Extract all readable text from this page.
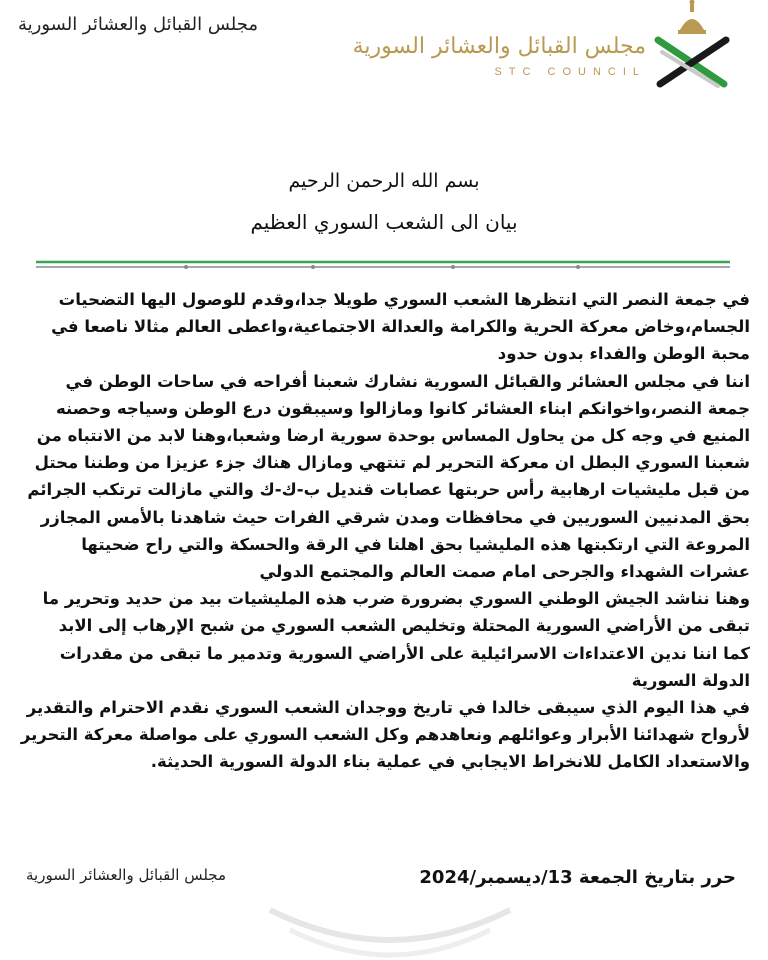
مجلس القبائل والعشائر السورية
مجلس القبائل والعشائر السورية
STC COUNCIL
بسم الله الرحمن الرحيم
بيان الى الشعب السوري العظيم

في جمعة النصر التي انتظرها الشعب السوري طويلا جدا،وقدم للوصول اليها التضحيات الجسام،وخاض معركة الحرية والكرامة والعدالة الاجتماعية،واعطى العالم مثالا ناصعا في محبة الوطن والفداء بدون حدود

اننا في مجلس العشائر والقبائل السورية نشارك شعبنا أفراحه في ساحات الوطن في جمعة النصر،واخوانكم ابناء العشائر كانوا ومازالوا وسيبقون درع الوطن وسياجه وحصنه المنيع في وجه كل من يحاول المساس بوحدة سورية ارضا وشعبا،وهنا لابد من الانتباه من شعبنا السوري البطل ان معركة التحرير لم تنتهي ومازال هناك جزء عزيزا من وطننا محتل من قبل مليشيات ارهابية رأس حربتها عصابات قنديل ب-ك-ك والتي مازالت ترتكب الجرائم بحق المدنيين السوريين في محافظات ومدن شرقي الفرات حيث شاهدنا بالأمس المجازر المروعة التي ارتكبتها هذه المليشيا بحق اهلنا في الرقة والحسكة والتي راح ضحيتها عشرات الشهداء والجرحى امام صمت العالم والمجتمع الدولي

وهنا نناشد الجيش الوطني السوري بضرورة ضرب هذه المليشيات بيد من حديد وتحرير ما تبقى من الأراضي السورية المحتلة وتخليص الشعب السوري من شبح الإرهاب إلى الابد

كما اننا ندين الاعتداءات الاسرائيلية على الأراضي السورية وتدمير ما تبقى من مقدرات الدولة السورية

في هذا اليوم الذي سيبقى خالدا في تاريخ ووجدان الشعب السوري نقدم الاحترام والتقدير لأرواح شهدائنا الأبرار وعوائلهم ونعاهدهم وكل الشعب السوري على مواصلة معركة التحرير والاستعداد الكامل للانخراط الايجابي في عملية بناء الدولة السورية الحديثة.

حرر بتاريخ الجمعة 13/ديسمبر/2024
مجلس القبائل والعشائر السورية
